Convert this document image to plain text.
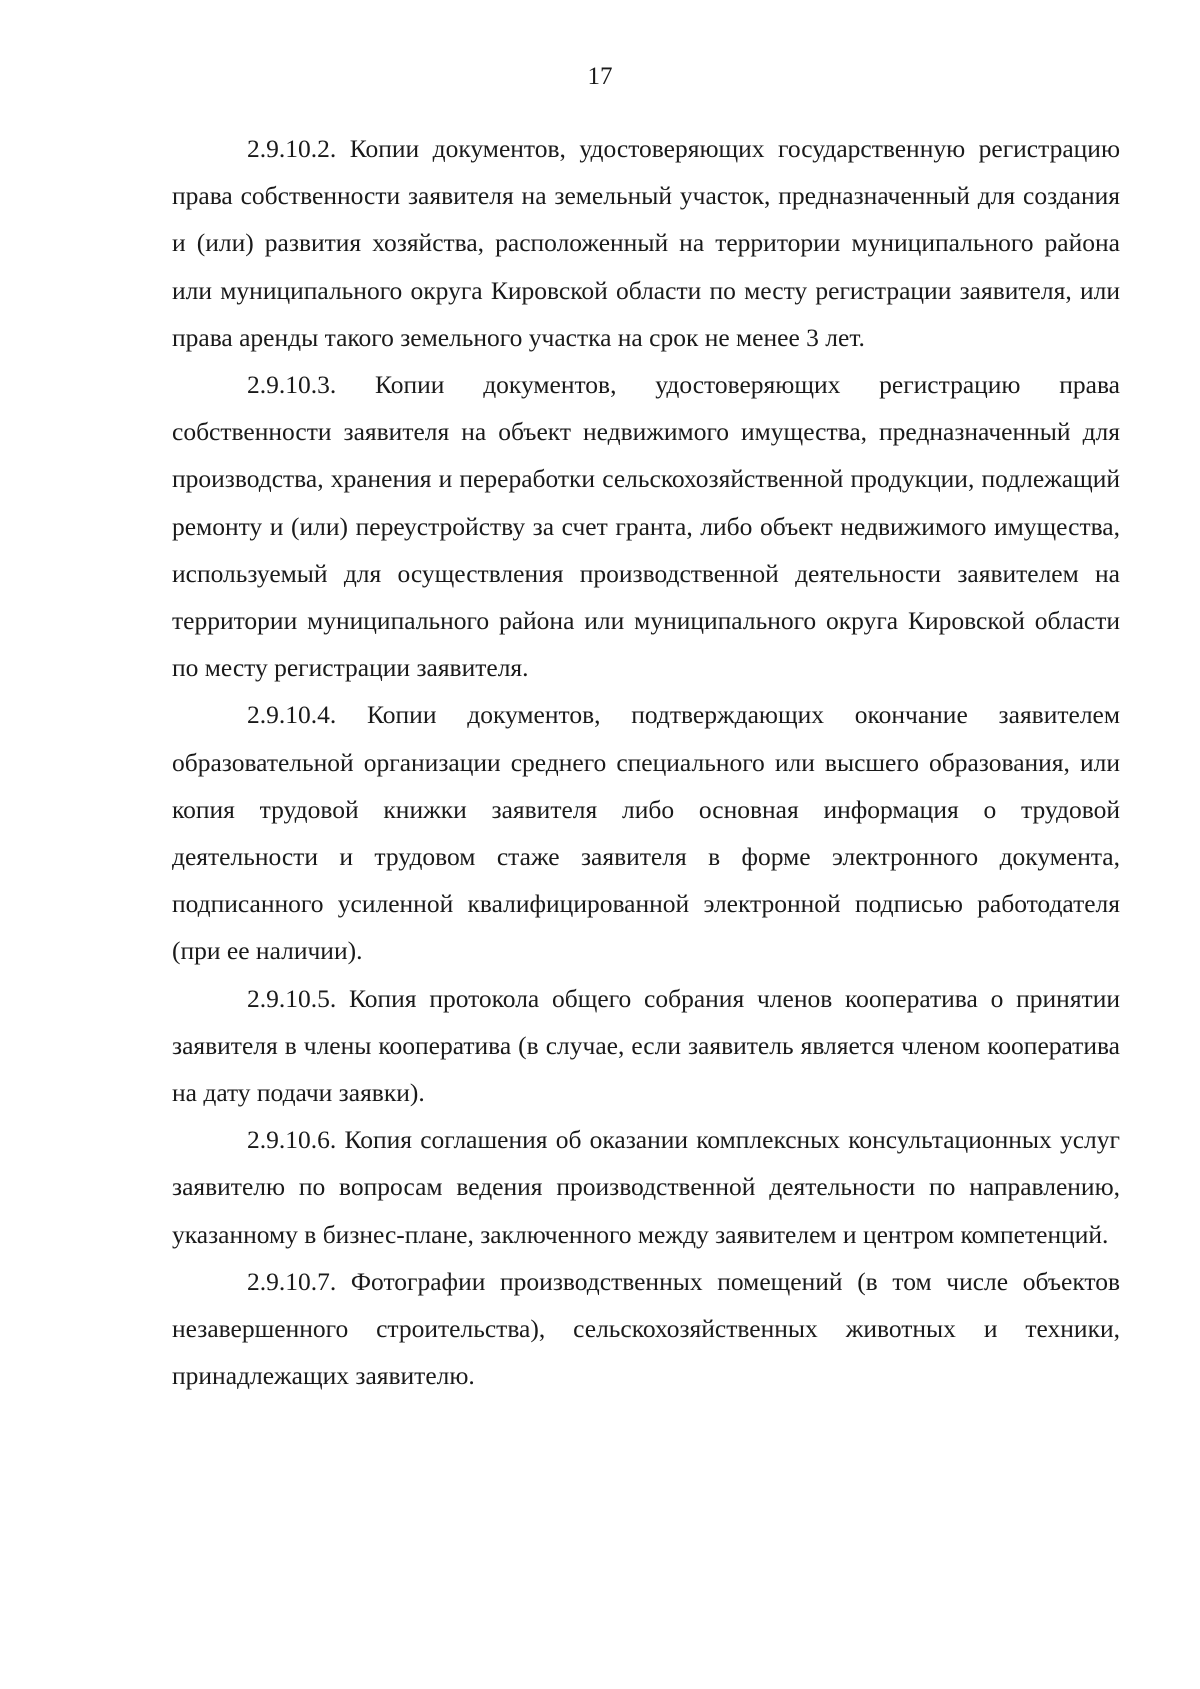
17

2.9.10.2. Копии документов, удостоверяющих государственную регистрацию права собственности заявителя на земельный участок, предназначенный для создания и (или) развития хозяйства, расположенный на территории муниципального района или муниципального округа Кировской области по месту регистрации заявителя, или права аренды такого земельного участка на срок не менее 3 лет.

2.9.10.3. Копии документов, удостоверяющих регистрацию права собственности заявителя на объект недвижимого имущества, предназначенный для производства, хранения и переработки сельскохозяйственной продукции, подлежащий ремонту и (или) переустройству за счет гранта, либо объект недвижимого имущества, используемый для осуществления производственной деятельности заявителем на территории муниципального района или муниципального округа Кировской области по месту регистрации заявителя.

2.9.10.4. Копии документов, подтверждающих окончание заявителем образовательной организации среднего специального или высшего образования, или копия трудовой книжки заявителя либо основная информация о трудовой деятельности и трудовом стаже заявителя в форме электронного документа, подписанного усиленной квалифицированной электронной подписью работодателя (при ее наличии).

2.9.10.5. Копия протокола общего собрания членов кооператива о принятии заявителя в члены кооператива (в случае, если заявитель является членом кооператива на дату подачи заявки).

2.9.10.6. Копия соглашения об оказании комплексных консультационных услуг заявителю по вопросам ведения производственной деятельности по направлению, указанному в бизнес-плане, заключенного между заявителем и центром компетенций.

2.9.10.7. Фотографии производственных помещений (в том числе объектов незавершенного строительства), сельскохозяйственных животных и техники, принадлежащих заявителю.
